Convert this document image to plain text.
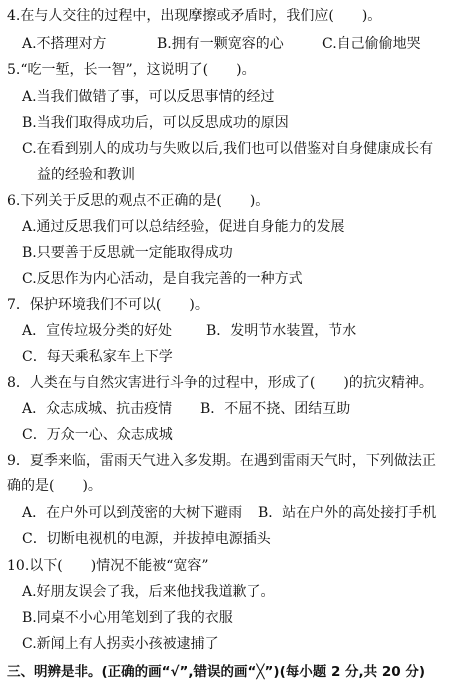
4.在与人交往的过程中，出现摩擦或矛盾时，我们应(　　)。
A.不搭理对方	B.拥有一颗宽容的心	C.自己偷偷地哭
5.“吃一堑，长一智”，这说明了(　　)。
A.当我们做错了事，可以反思事情的经过
B.当我们取得成功后，可以反思成功的原因
C.在看到别人的成功与失败以后,我们也可以借鉴对自身健康成长有
益的经验和教训
6.下列关于反思的观点不正确的是(　　)。
A.通过反思我们可以总结经验，促进自身能力的发展
B.只要善于反思就一定能取得成功
C.反思作为内心活动，是自我完善的一种方式
7．保护环境我们不可以(　　)。
A．宣传垃圾分类的好处	B．发明节水装置，节水
C．每天乘私家车上下学
8．人类在与自然灾害进行斗争的过程中，形成了(　　)的抗灾精神。
A．众志成城、抗击疫情	B．不屈不挠、团结互助
C．万众一心、众志成城
9．夏季来临，雷雨天气进入多发期。在遇到雷雨天气时，下列做法正
确的是(　　)。
A．在户外可以到茂密的大树下避雨	B．站在户外的高处接打手机
C．切断电视机的电源，并拔掉电源插头
10.以下(　　)情况不能被“宽容”
A.好朋友误会了我，后来他找我道歉了。
B.同桌不小心用笔划到了我的衣服
C.新闻上有人拐卖小孩被逮捕了
三、明辨是非。(正确的画“√”,错误的画“╳”)(每小题 2 分,共 20 分)
